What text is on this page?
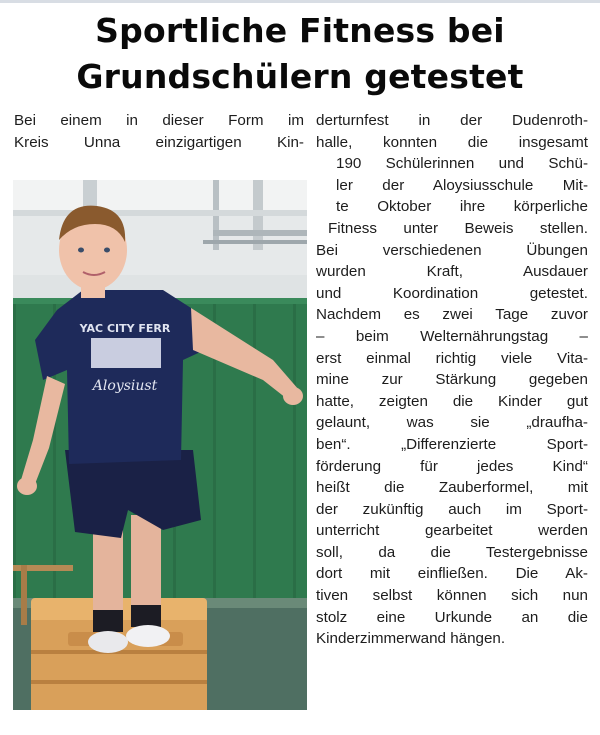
Sportliche Fitness bei
Grundschülern getestet
Bei einem in dieser Form im
Kreis Unna einzigartigen Kin-
derturnfest in der Dudenroth-
halle, konnten die insgesamt
190 Schülerinnen und Schü-
ler der Aloysiusschule Mit-
te Oktober ihre körperliche
Fitness unter Beweis stellen.
Bei verschiedenen Übungen
wurden Kraft, Ausdauer
und Koordination getestet.
Nachdem es zwei Tage zuvor
– beim Welternährungstag –
erst einmal richtig viele Vita-
mine zur Stärkung gegeben
hatte, zeigten die Kinder gut
gelaunt, was sie „draufha-
ben“. „Differenzierte Sport-
förderung für jedes Kind“
heißt die Zauberformel, mit
der zukünftig auch im Sport-
unterricht gearbeitet werden
soll, da die Testergebnisse
dort mit einfließen. Die Ak-
tiven selbst können sich nun
stolz eine Urkunde an die
Kinderzimmerwand hängen.
YAC CITY FERR
Aloysiust
